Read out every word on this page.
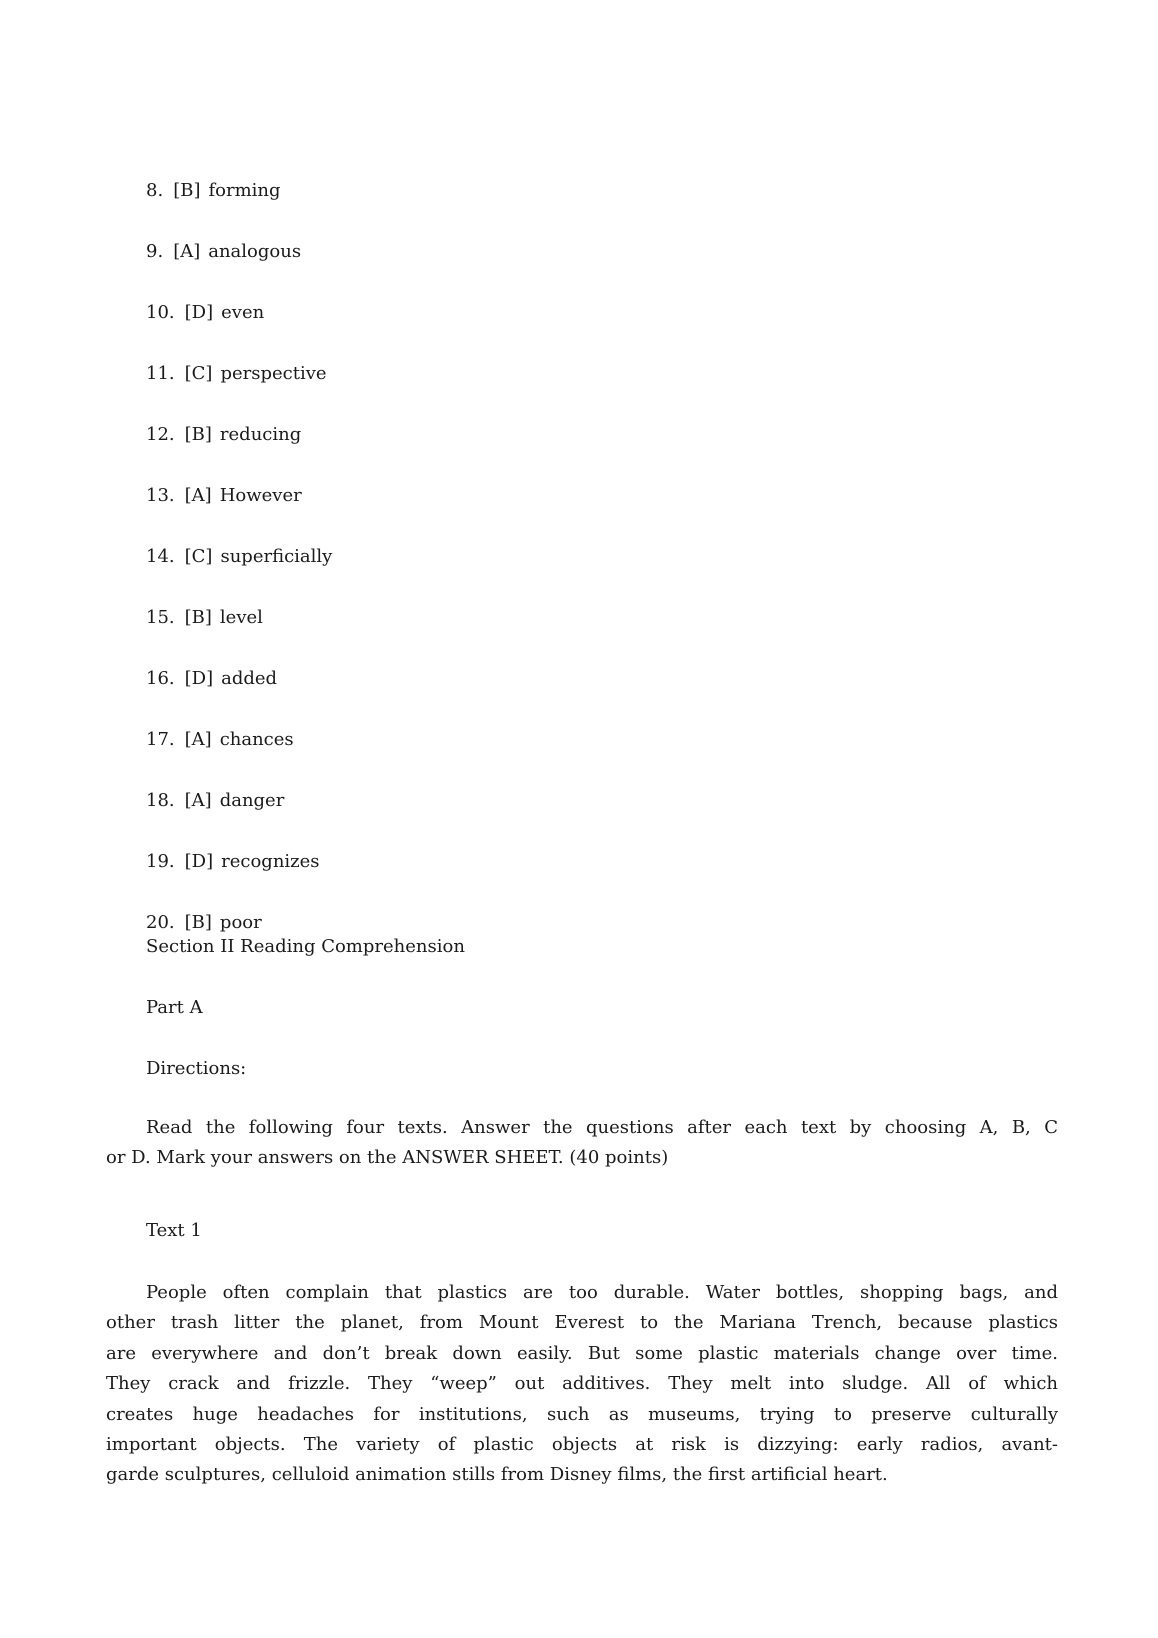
8. [B] forming
9. [A] analogous
10. [D] even
11. [C] perspective
12. [B] reducing
13. [A] However
14. [C] superficially
15. [B] level
16. [D] added
17. [A] chances
18. [A] danger
19. [D] recognizes
20. [B] poor

Section II Reading Comprehension

Part A

Directions:

Read the following four texts. Answer the questions after each text by choosing A, B, C
or D. Mark your answers on the ANSWER SHEET. (40 points)

Text 1

People often complain that plastics are too durable. Water bottles, shopping bags, and
other trash litter the planet, from Mount Everest to the Mariana Trench, because plastics
are everywhere and don’t break down easily. But some plastic materials change over time.
They crack and frizzle. They “weep” out additives. They melt into sludge. All of which
creates huge headaches for institutions, such as museums, trying to preserve culturally
important objects. The variety of plastic objects at risk is dizzying: early radios, avant-
garde sculptures, celluloid animation stills from Disney films, the first artificial heart.
